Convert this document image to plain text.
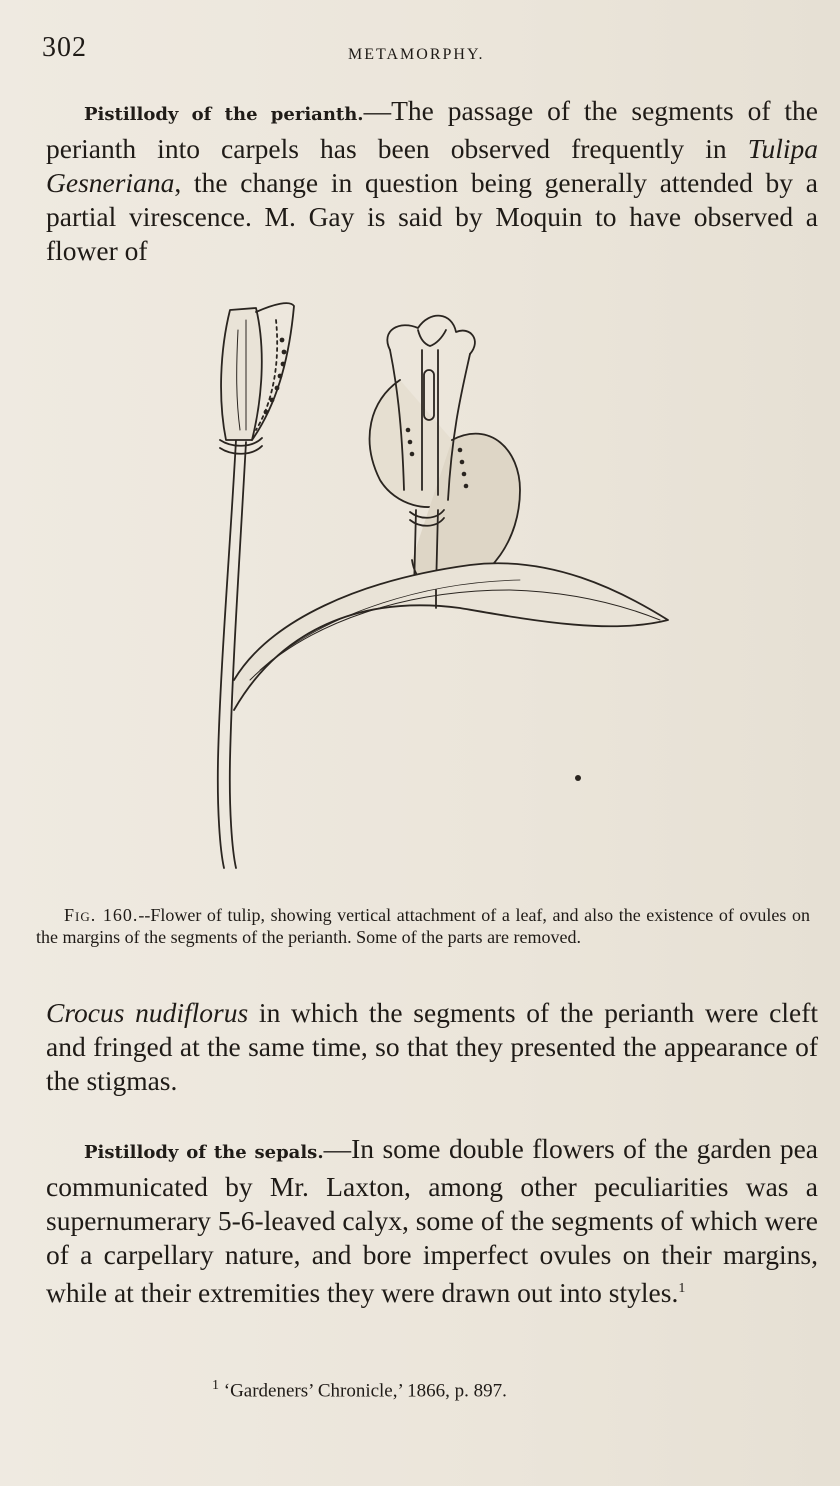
302	METAMORPHY.

Pistillody of the perianth.—The passage of the segments of the perianth into carpels has been observed frequently in Tulipa Gesneriana, the change in question being generally attended by a partial virescence. M. Gay is said by Moquin to have observed a flower of

Fig. 160.--Flower of tulip, showing vertical attachment of a leaf, and also the existence of ovules on the margins of the segments of the perianth. Some of the parts are removed.

Crocus nudiflorus in which the segments of the perianth were cleft and fringed at the same time, so that they presented the appearance of the stigmas.

Pistillody of the sepals.—In some double flowers of the garden pea communicated by Mr. Laxton, among other peculiarities was a supernumerary 5-6-leaved calyx, some of the segments of which were of a carpellary nature, and bore imperfect ovules on their margins, while at their extremities they were drawn out into styles.$^1$

$^1$ ‘Gardeners’ Chronicle,’ 1866, p. 897.
